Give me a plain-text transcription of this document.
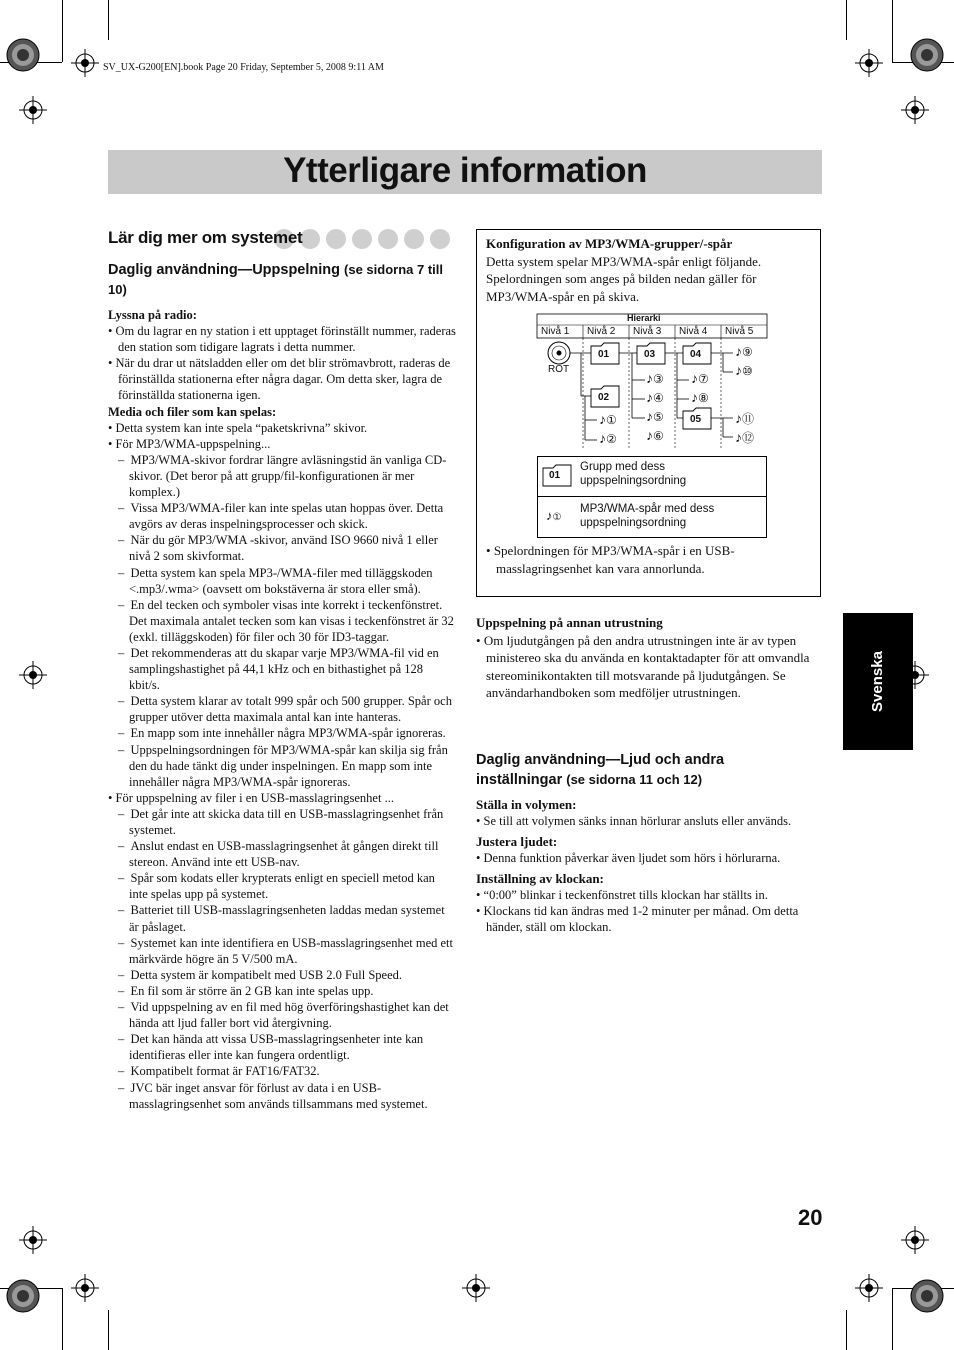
SV_UX-G200[EN].book Page 20 Friday, September 5, 2008 9:11 AM
Ytterligare information
Lär dig mer om systemet
Daglig användning—Uppspelning (se sidorna 7 till 10)

Lyssna på radio:

• Om du lagrar en ny station i ett upptaget förinställt nummer, raderas den station som tidigare lagrats i detta nummer.

• När du drar ut nätsladden eller om det blir strömavbrott, raderas de förinställda stationerna efter några dagar. Om detta sker, lagra de förinställda stationerna igen.

Media och filer som kan spelas:

• Detta system kan inte spela “paketskrivna” skivor.

• För MP3/WMA-uppspelning...

–  MP3/WMA-skivor fordrar längre avläsningstid än vanliga CD-skivor. (Det beror på att grupp/fil-konfigurationen är mer komplex.)

–  Vissa MP3/WMA-filer kan inte spelas utan hoppas över. Detta avgörs av deras inspelningsprocesser och skick.

–  När du gör MP3/WMA -skivor, använd ISO 9660 nivå 1 eller nivå 2 som skivformat.

–  Detta system kan spela MP3-/WMA-filer med tilläggskoden <.mp3/.wma> (oavsett om bokstäverna är stora eller små).

–  En del tecken och symboler visas inte korrekt i teckenfönstret.

Det maximala antalet tecken som kan visas i teckenfönstret är 32 (exkl. tilläggskoden) för filer och 30 för ID3-taggar.

–  Det rekommenderas att du skapar varje MP3/WMA-fil vid en samplingshastighet på 44,1 kHz och en bithastighet på 128 kbit/s.

–  Detta system klarar av totalt 999 spår och 500 grupper. Spår och grupper utöver detta maximala antal kan inte hanteras.

–  En mapp som inte innehåller några MP3/WMA-spår ignoreras.

–  Uppspelningsordningen för MP3/WMA-spår kan skilja sig från den du hade tänkt dig under inspelningen. En mapp som inte innehåller några MP3/WMA-spår ignoreras.

• För uppspelning av filer i en USB-masslagringsenhet ...

–  Det går inte att skicka data till en USB-masslagringsenhet från systemet.

–  Anslut endast en USB-masslagringsenhet åt gången direkt till stereon. Använd inte ett USB-nav.

–  Spår som kodats eller krypterats enligt en speciell metod kan inte spelas upp på systemet.

–  Batteriet till USB-masslagringsenheten laddas medan systemet är påslaget.

–  Systemet kan inte identifiera en USB-masslagringsenhet med ett märkvärde högre än 5 V/500 mA.

–  Detta system är kompatibelt med USB 2.0 Full Speed.

–  En fil som är större än 2 GB kan inte spelas upp.

–  Vid uppspelning av en fil med hög överföringshastighet kan det hända att ljud faller bort vid återgivning.

–  Det kan hända att vissa USB-masslagringsenheter inte kan identifieras eller inte kan fungera ordentligt.

–  Kompatibelt format är FAT16/FAT32.

–  JVC bär inget ansvar för förlust av data i en USB-masslagringsenhet som används tillsammans med systemet.

Konfiguration av MP3/WMA-grupper/-spår

Detta system spelar MP3/WMA-spår enligt följande. Spelordningen som anges på bilden nedan gäller för MP3/WMA-spår en på skiva.

Hierarki
Nivå 1 Nivå 2 Nivå 3 Nivå 4 Nivå 5
ROT
01
02
03	04
05
♪①
♪②
♪③
♪④
♪⑤
♪⑥
♪⑦
♪⑧
♪⑨
♪⑩
♪⑪
♪⑫
01
Grupp med dess uppspelningsordning
♪①
MP3/WMA-spår med dess uppspelningsordning

• Spelordningen för MP3/WMA-spår i en USB-masslagringsenhet kan vara annorlunda.

Uppspelning på annan utrustning

• Om ljudutgången på den andra utrustningen inte är av typen ministereo ska du använda en kontaktadapter för att omvandla stereominikontakten till motsvarande på ljudutgången. Se användarhandboken som medföljer utrustningen.

Daglig användning—Ljud och andra inställningar (se sidorna 11 och 12)

Ställa in volymen:

• Se till att volymen sänks innan hörlurar ansluts eller används.

Justera ljudet:

• Denna funktion påverkar även ljudet som hörs i hörlurarna.

Inställning av klockan:

• “0:00” blinkar i teckenfönstret tills klockan har ställts in.

• Klockans tid kan ändras med 1-2 minuter per månad. Om detta händer, ställ om klockan.

Svenska
20
